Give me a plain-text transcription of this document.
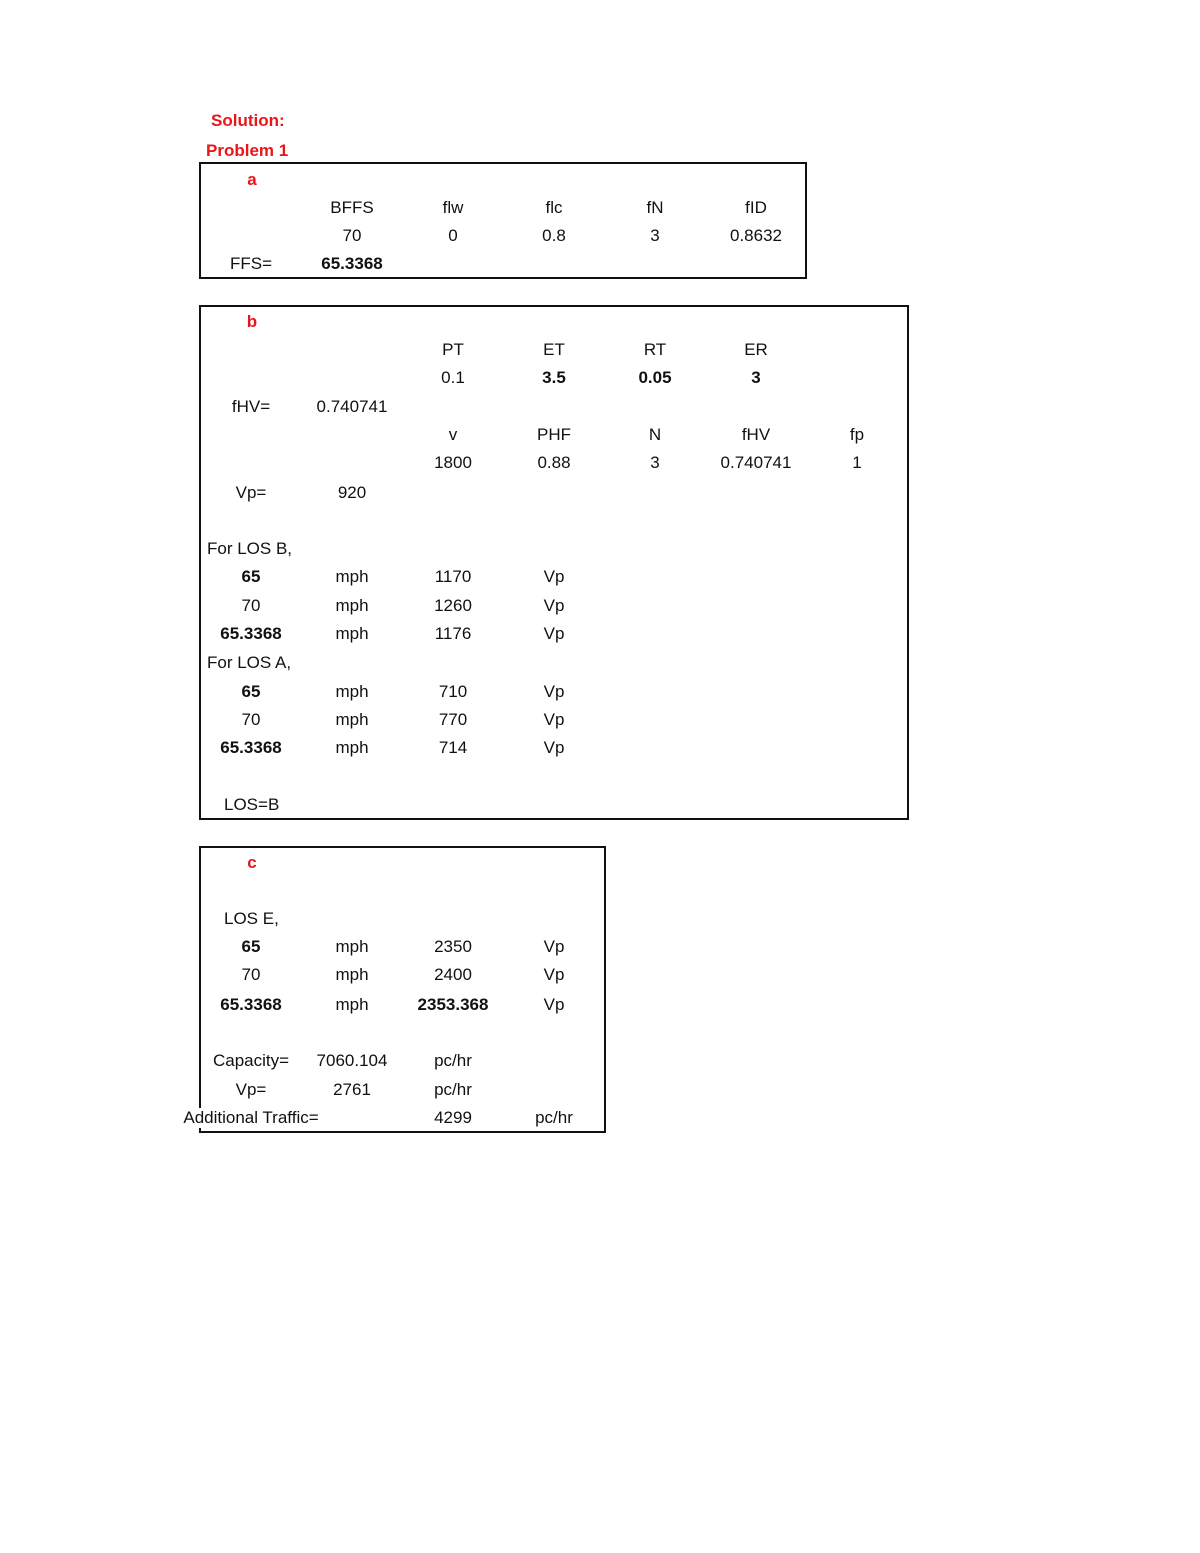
Solution:
Problem 1
a
BFFS	flw	flc	fN	fID
70	0	0.8	3	0.8632
FFS=	65.3368
b
PT	ET	RT	ER
0.1	3.5	0.05	3
fHV=	0.740741
v	PHF	N	fHV	fp
1800	0.88	3	0.740741	1
Vp=	920
For LOS B,
65	mph	1170	Vp
70	mph	1260	Vp
65.3368	mph	1176	Vp
For LOS A,
65	mph	710	Vp
70	mph	770	Vp
65.3368	mph	714	Vp
LOS=B
c
LOS E,
65	mph	2350	Vp
70	mph	2400	Vp
65.3368	mph	2353.368	Vp
Capacity= 7060.104	pc/hr
Vp=	2761	pc/hr
Additional Traffic=	4299	pc/hr
